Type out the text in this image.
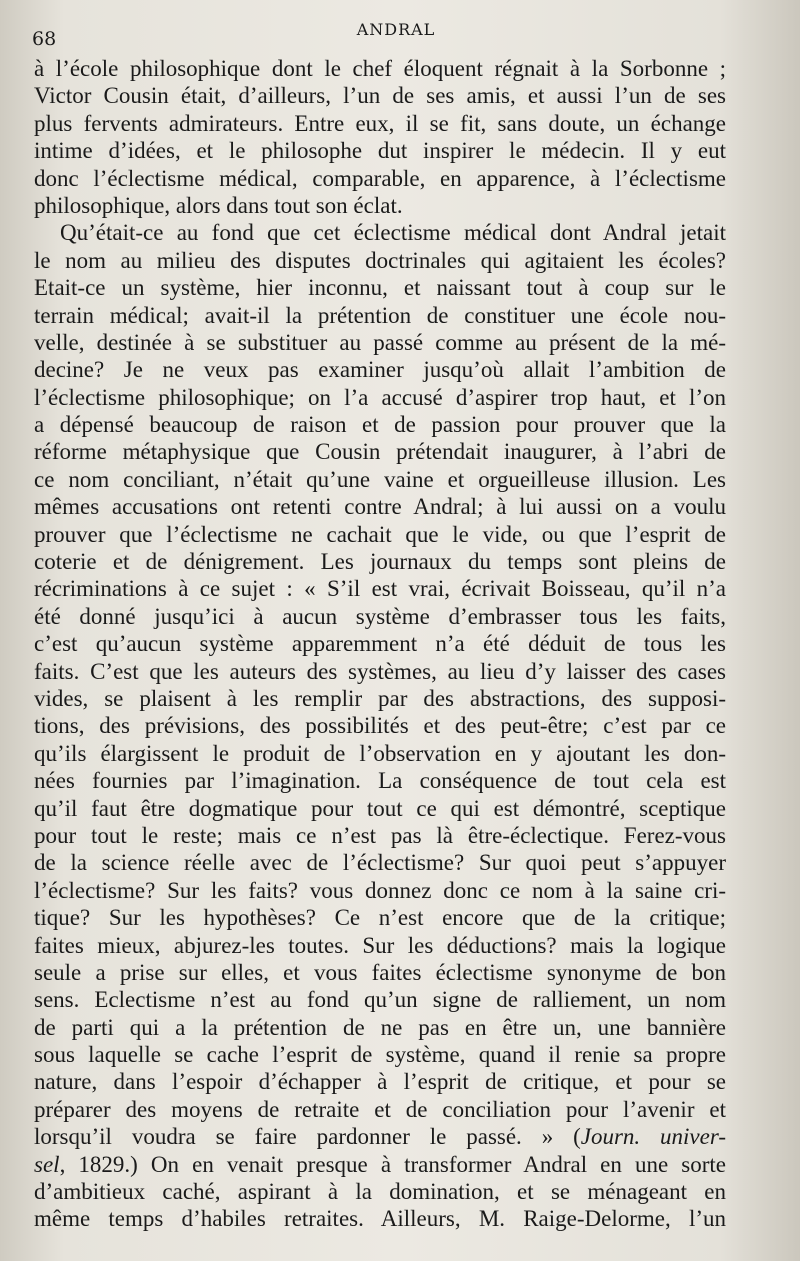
68	ANDRAL
à l’école philosophique dont le chef éloquent régnait à la Sorbonne ;
Victor Cousin était, d’ailleurs, l’un de ses amis, et aussi l’un de ses
plus fervents admirateurs. Entre eux, il se fit, sans doute, un échange
intime d’idées, et le philosophe dut inspirer le médecin. Il y eut
donc l’éclectisme médical, comparable, en apparence, à l’éclectisme
philosophique, alors dans tout son éclat.
Qu’était-ce au fond que cet éclectisme médical dont Andral jetait
le nom au milieu des disputes doctrinales qui agitaient les écoles?
Etait-ce un système, hier inconnu, et naissant tout à coup sur le
terrain médical; avait-il la prétention de constituer une école nou-
velle, destinée à se substituer au passé comme au présent de la mé-
decine? Je ne veux pas examiner jusqu’où allait l’ambition de
l’éclectisme philosophique; on l’a accusé d’aspirer trop haut, et l’on
a dépensé beaucoup de raison et de passion pour prouver que la
réforme métaphysique que Cousin prétendait inaugurer, à l’abri de
ce nom conciliant, n’était qu’une vaine et orgueilleuse illusion. Les
mêmes accusations ont retenti contre Andral; à lui aussi on a voulu
prouver que l’éclectisme ne cachait que le vide, ou que l’esprit de
coterie et de dénigrement. Les journaux du temps sont pleins de
récriminations à ce sujet : « S’il est vrai, écrivait Boisseau, qu’il n’a
été donné jusqu’ici à aucun système d’embrasser tous les faits,
c’est qu’aucun système apparemment n’a été déduit de tous les
faits. C’est que les auteurs des systèmes, au lieu d’y laisser des cases
vides, se plaisent à les remplir par des abstractions, des supposi-
tions, des prévisions, des possibilités et des peut-être; c’est par ce
qu’ils élargissent le produit de l’observation en y ajoutant les don-
nées fournies par l’imagination. La conséquence de tout cela est
qu’il faut être dogmatique pour tout ce qui est démontré, sceptique
pour tout le reste; mais ce n’est pas là être-éclectique. Ferez-vous
de la science réelle avec de l’éclectisme? Sur quoi peut s’appuyer
l’éclectisme? Sur les faits? vous donnez donc ce nom à la saine cri-
tique? Sur les hypothèses? Ce n’est encore que de la critique;
faites mieux, abjurez-les toutes. Sur les déductions? mais la logique
seule a prise sur elles, et vous faites éclectisme synonyme de bon
sens. Eclectisme n’est au fond qu’un signe de ralliement, un nom
de parti qui a la prétention de ne pas en être un, une bannière
sous laquelle se cache l’esprit de système, quand il renie sa propre
nature, dans l’espoir d’échapper à l’esprit de critique, et pour se
préparer des moyens de retraite et de conciliation pour l’avenir et
lorsqu’il voudra se faire pardonner le passé. » (Journ. univer-
sel, 1829.) On en venait presque à transformer Andral en une sorte
d’ambitieux caché, aspirant à la domination, et se ménageant en
même temps d’habiles retraites. Ailleurs, M. Raige-Delorme, l’un
